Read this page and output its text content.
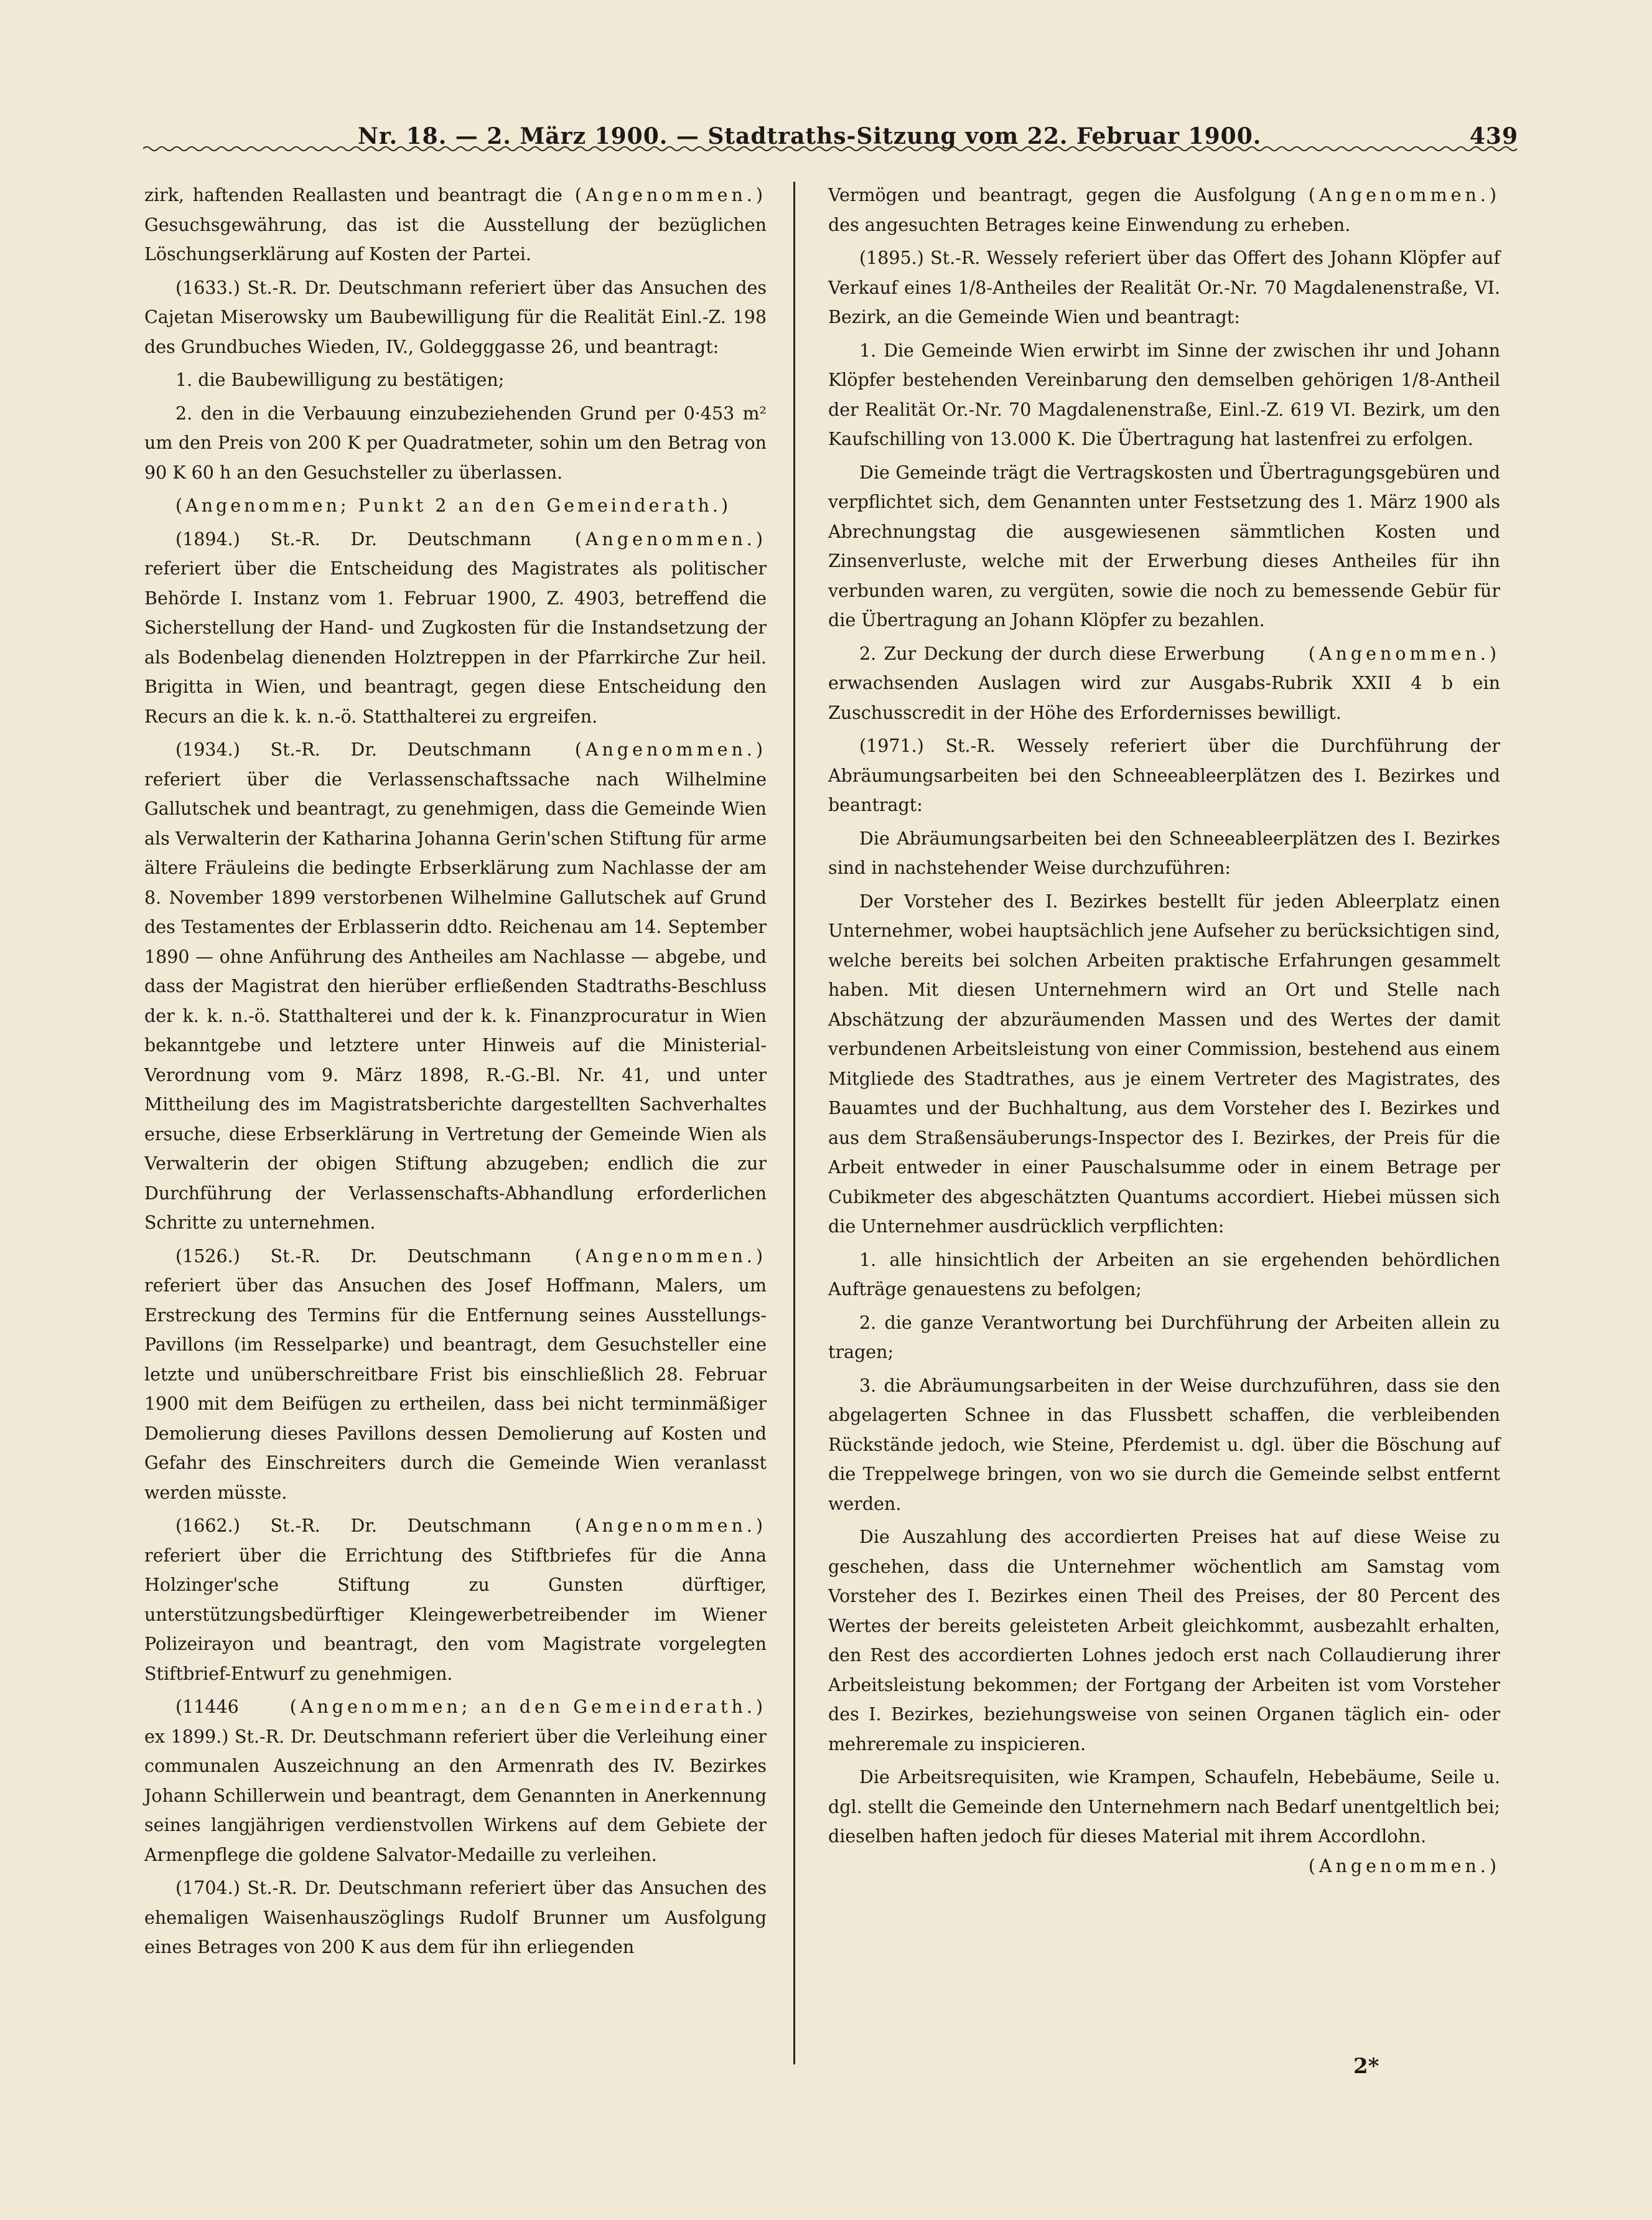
Nr. 18. — 2. März 1900. — Stadtraths-Sitzung vom 22. Februar 1900.	439

(Angenommen.)
zirk, haftenden Reallasten und beantragt die Gesuchsgewährung, das ist die Ausstellung der bezüglichen Löschungserklärung auf Kosten der Partei.

(1633.) St.-R. Dr. Deutschmann referiert über das Ansuchen des Cajetan Miserowsky um Baubewilligung für die Realität Einl.-Z. 198 des Grundbuches Wieden, IV., Goldegggasse 26, und beantragt:

1. die Baubewilligung zu bestätigen;

2. den in die Verbauung einzubeziehenden Grund per 0·453 m² um den Preis von 200 K per Quadratmeter, sohin um den Betrag von 90 K 60 h an den Gesuchsteller zu überlassen.

(Angenommen; Punkt 2 an den Gemeinderath.)

(Angenommen.)
(1894.) St.-R. Dr. Deutschmann referiert über die Entscheidung des Magistrates als politischer Behörde I. Instanz vom 1. Februar 1900, Z. 4903, betreffend die Sicherstellung der Hand- und Zugkosten für die Instandsetzung der als Bodenbelag dienenden Holztreppen in der Pfarrkirche Zur heil. Brigitta in Wien, und beantragt, gegen diese Entscheidung den Recurs an die k. k. n.-ö. Statthalterei zu ergreifen.

(Angenommen.)
(1934.) St.-R. Dr. Deutschmann referiert über die Verlassenschaftssache nach Wilhelmine Gallutschek und beantragt, zu genehmigen, dass die Gemeinde Wien als Verwalterin der Katharina Johanna Gerin'schen Stiftung für arme ältere Fräuleins die bedingte Erbserklärung zum Nachlasse der am 8. November 1899 verstorbenen Wilhelmine Gallutschek auf Grund des Testamentes der Erblasserin ddto. Reichenau am 14. September 1890 — ohne Anführung des Antheiles am Nachlasse — abgebe, und dass der Magistrat den hierüber erfließenden Stadtraths-Beschluss der k. k. n.-ö. Statthalterei und der k. k. Finanzprocuratur in Wien bekanntgebe und letztere unter Hinweis auf die Ministerial-Verordnung vom 9. März 1898, R.-G.-Bl. Nr. 41, und unter Mittheilung des im Magistratsberichte dargestellten Sachverhaltes ersuche, diese Erbserklärung in Vertretung der Gemeinde Wien als Verwalterin der obigen Stiftung abzugeben; endlich die zur Durchführung der Verlassenschafts-Abhandlung erforderlichen Schritte zu unternehmen.

(Angenommen.)
(1526.) St.-R. Dr. Deutschmann referiert über das Ansuchen des Josef Hoffmann, Malers, um Erstreckung des Termins für die Entfernung seines Ausstellungs-Pavillons (im Resselparke) und beantragt, dem Gesuchsteller eine letzte und unüberschreitbare Frist bis einschließlich 28. Februar 1900 mit dem Beifügen zu ertheilen, dass bei nicht terminmäßiger Demolierung dieses Pavillons dessen Demolierung auf Kosten und Gefahr des Einschreiters durch die Gemeinde Wien veranlasst werden müsste.

(Angenommen.)
(1662.) St.-R. Dr. Deutschmann referiert über die Errichtung des Stiftbriefes für die Anna Holzinger'sche Stiftung zu Gunsten dürftiger, unterstützungsbedürftiger Kleingewerbetreibender im Wiener Polizeirayon und beantragt, den vom Magistrate vorgelegten Stiftbrief-Entwurf zu genehmigen.

(Angenommen; an den Gemeinderath.)
(11446 ex 1899.) St.-R. Dr. Deutschmann referiert über die Verleihung einer communalen Auszeichnung an den Armenrath des IV. Bezirkes Johann Schillerwein und beantragt, dem Genannten in Anerkennung seines langjährigen verdienstvollen Wirkens auf dem Gebiete der Armenpflege die goldene Salvator-Medaille zu verleihen.

(1704.) St.-R. Dr. Deutschmann referiert über das Ansuchen des ehemaligen Waisenhauszöglings Rudolf Brunner um Ausfolgung eines Betrages von 200 K aus dem für ihn erliegenden

(Angenommen.)
Vermögen und beantragt, gegen die Ausfolgung des angesuchten Betrages keine Einwendung zu erheben.

(1895.) St.-R. Wessely referiert über das Offert des Johann Klöpfer auf Verkauf eines 1/8-Antheiles der Realität Or.-Nr. 70 Magdalenenstraße, VI. Bezirk, an die Gemeinde Wien und beantragt:

1. Die Gemeinde Wien erwirbt im Sinne der zwischen ihr und Johann Klöpfer bestehenden Vereinbarung den demselben gehörigen 1/8-Antheil der Realität Or.-Nr. 70 Magdalenenstraße, Einl.-Z. 619 VI. Bezirk, um den Kaufschilling von 13.000 K. Die Übertragung hat lastenfrei zu erfolgen.

Die Gemeinde trägt die Vertragskosten und Übertragungsgebüren und verpflichtet sich, dem Genannten unter Festsetzung des 1. März 1900 als Abrechnungstag die ausgewiesenen sämmtlichen Kosten und Zinsenverluste, welche mit der Erwerbung dieses Antheiles für ihn verbunden waren, zu vergüten, sowie die noch zu bemessende Gebür für die Übertragung an Johann Klöpfer zu bezahlen.

(Angenommen.)
2. Zur Deckung der durch diese Erwerbung erwachsenden Auslagen wird zur Ausgabs-Rubrik XXII 4 b ein Zuschusscredit in der Höhe des Erfordernisses bewilligt.

(1971.) St.-R. Wessely referiert über die Durchführung der Abräumungsarbeiten bei den Schneeableerplätzen des I. Bezirkes und beantragt:

Die Abräumungsarbeiten bei den Schneeableerplätzen des I. Bezirkes sind in nachstehender Weise durchzuführen:

Der Vorsteher des I. Bezirkes bestellt für jeden Ableerplatz einen Unternehmer, wobei hauptsächlich jene Aufseher zu berücksichtigen sind, welche bereits bei solchen Arbeiten praktische Erfahrungen gesammelt haben. Mit diesen Unternehmern wird an Ort und Stelle nach Abschätzung der abzuräumenden Massen und des Wertes der damit verbundenen Arbeitsleistung von einer Commission, bestehend aus einem Mitgliede des Stadtrathes, aus je einem Vertreter des Magistrates, des Bauamtes und der Buchhaltung, aus dem Vorsteher des I. Bezirkes und aus dem Straßensäuberungs-Inspector des I. Bezirkes, der Preis für die Arbeit entweder in einer Pauschalsumme oder in einem Betrage per Cubikmeter des abgeschätzten Quantums accordiert. Hiebei müssen sich die Unternehmer ausdrücklich verpflichten:

1. alle hinsichtlich der Arbeiten an sie ergehenden behördlichen Aufträge genauestens zu befolgen;

2. die ganze Verantwortung bei Durchführung der Arbeiten allein zu tragen;

3. die Abräumungsarbeiten in der Weise durchzuführen, dass sie den abgelagerten Schnee in das Flussbett schaffen, die verbleibenden Rückstände jedoch, wie Steine, Pferdemist u. dgl. über die Böschung auf die Treppelwege bringen, von wo sie durch die Gemeinde selbst entfernt werden.

Die Auszahlung des accordierten Preises hat auf diese Weise zu geschehen, dass die Unternehmer wöchentlich am Samstag vom Vorsteher des I. Bezirkes einen Theil des Preises, der 80 Percent des Wertes der bereits geleisteten Arbeit gleichkommt, ausbezahlt erhalten, den Rest des accordierten Lohnes jedoch erst nach Collaudierung ihrer Arbeitsleistung bekommen; der Fortgang der Arbeiten ist vom Vorsteher des I. Bezirkes, beziehungsweise von seinen Organen täglich ein- oder mehreremale zu inspicieren.

Die Arbeitsrequisiten, wie Krampen, Schaufeln, Hebebäume, Seile u. dgl. stellt die Gemeinde den Unternehmern nach Bedarf unentgeltlich bei; dieselben haften jedoch für dieses Material mit ihrem Accordlohn.
(Angenommen.)

2*
